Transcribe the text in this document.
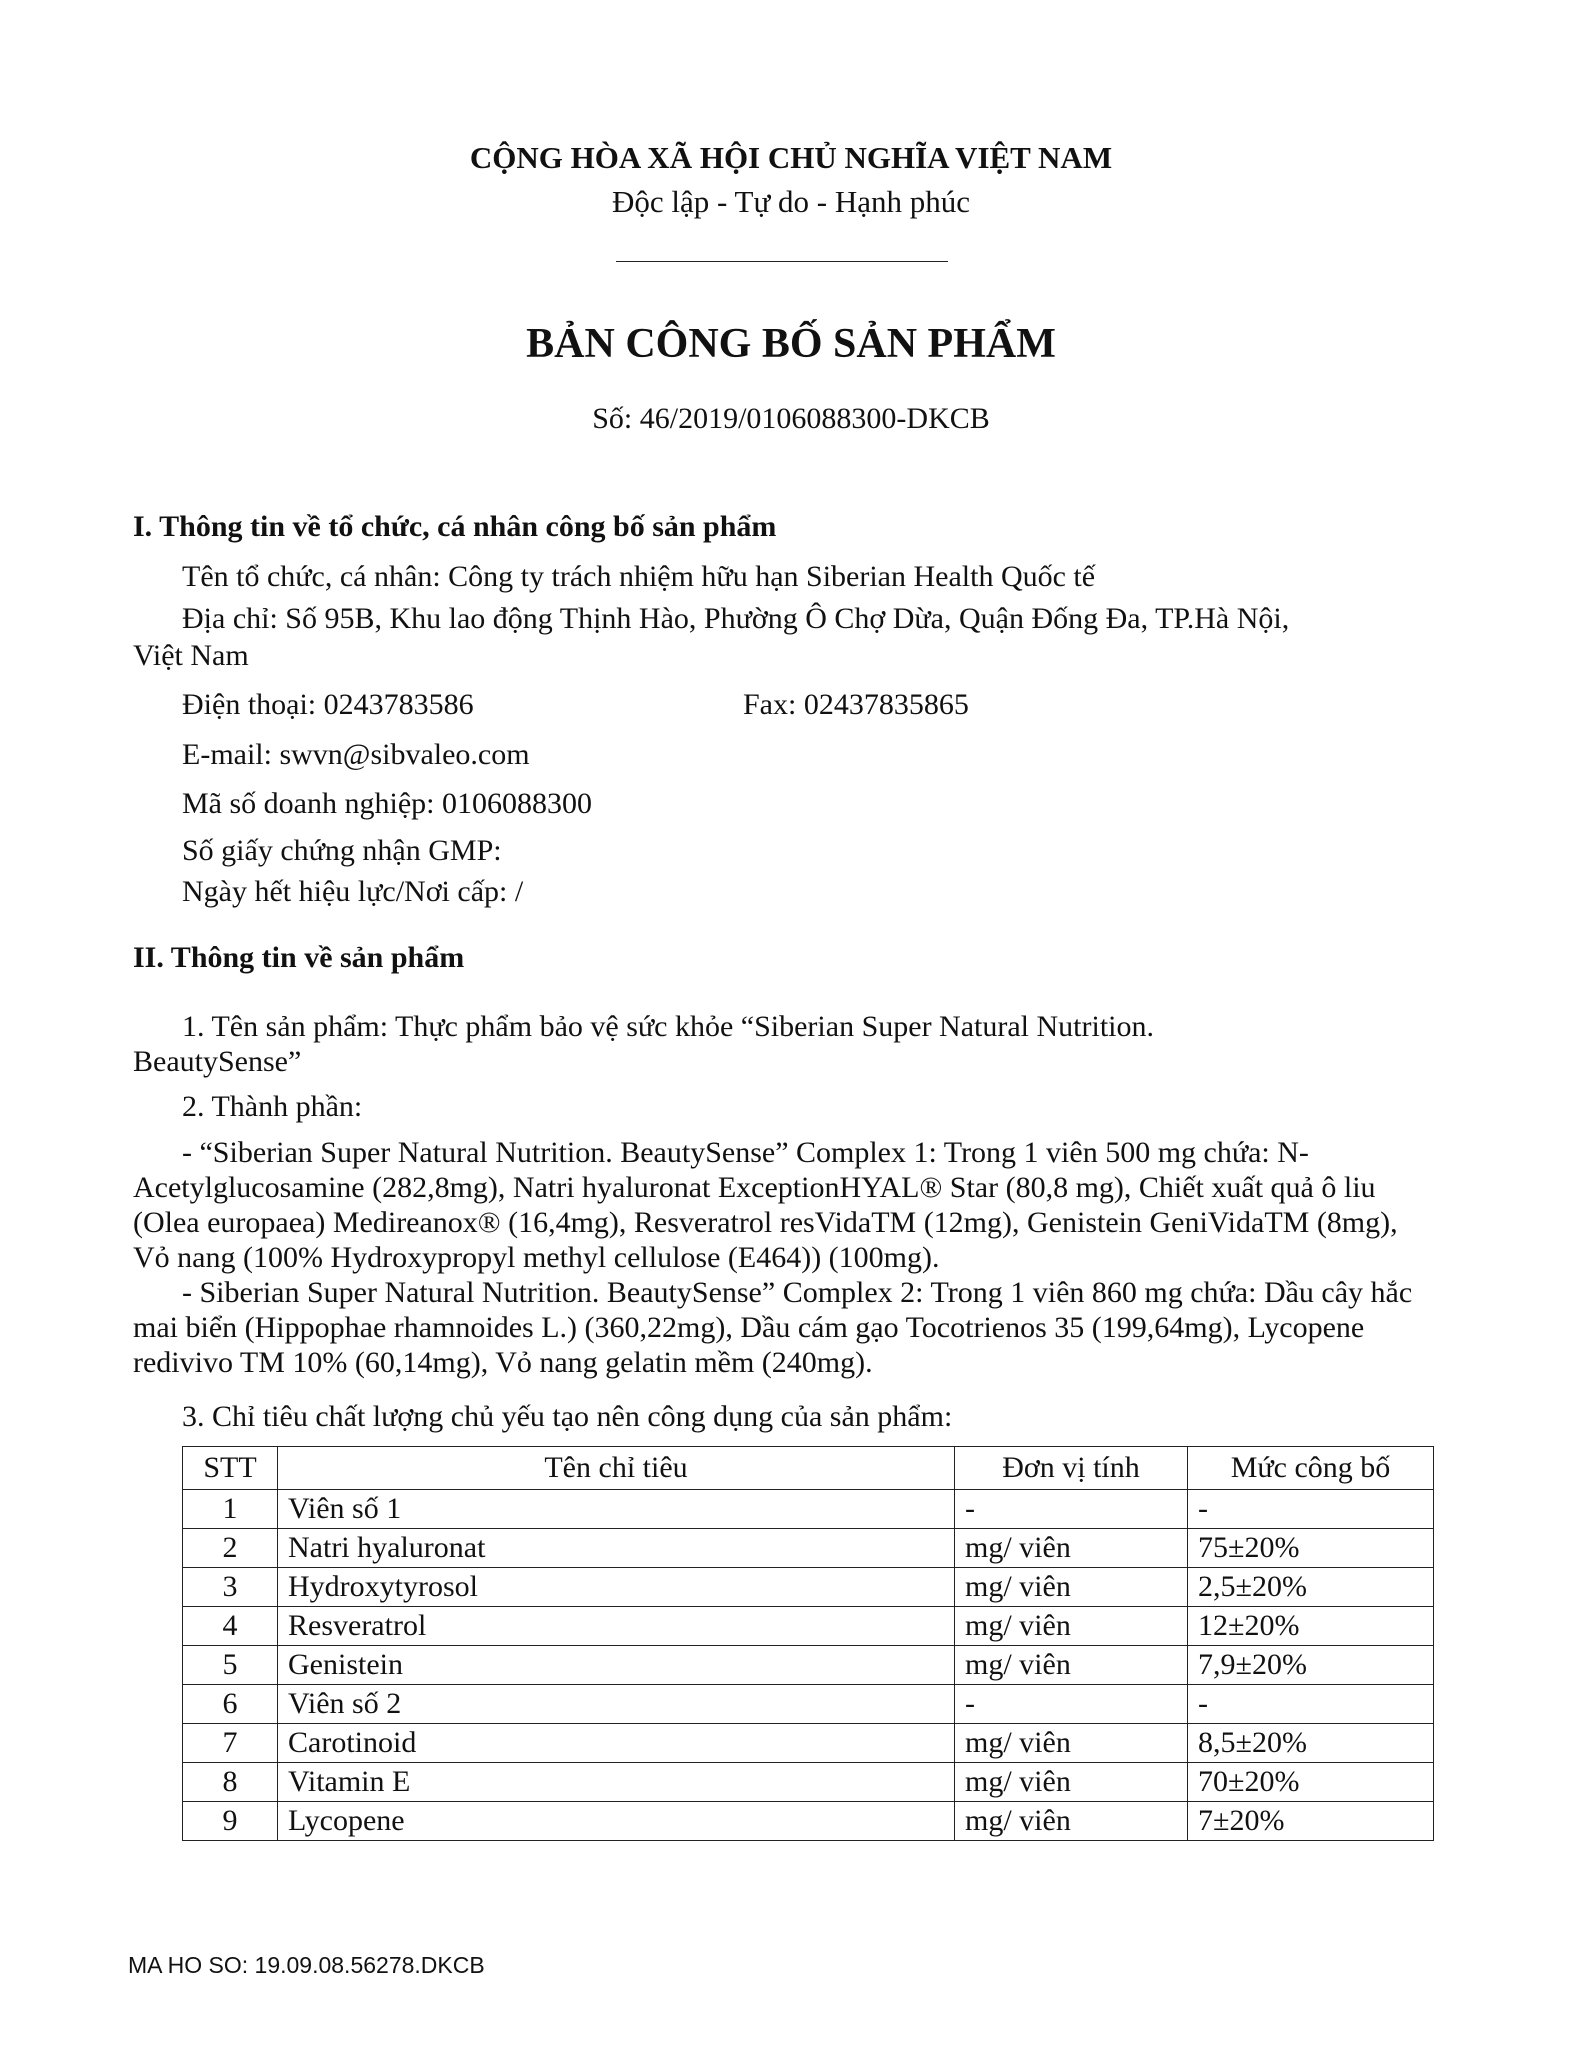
CỘNG HÒA XÃ HỘI CHỦ NGHĨA VIỆT NAM
Độc lập - Tự do - Hạnh phúc
BẢN CÔNG BỐ SẢN PHẨM
Số: 46/2019/0106088300-DKCB
I. Thông tin về tổ chức, cá nhân công bố sản phẩm
Tên tổ chức, cá nhân: Công ty trách nhiệm hữu hạn Siberian Health Quốc tế
Địa chỉ: Số 95B, Khu lao động Thịnh Hào, Phường Ô Chợ Dừa, Quận Đống Đa, TP.Hà Nội,
Việt Nam
Điện thoại: 0243783586	Fax: 02437835865
E-mail: swvn@sibvaleo.com
Mã số doanh nghiệp: 0106088300
Số giấy chứng nhận GMP:
Ngày hết hiệu lực/Nơi cấp: /
II. Thông tin về sản phẩm
1. Tên sản phẩm: Thực phẩm bảo vệ sức khỏe “Siberian Super Natural Nutrition.
BeautySense”
2. Thành phần:
- “Siberian Super Natural Nutrition. BeautySense” Complex 1: Trong 1 viên 500 mg chứa: N-Acetylglucosamine (282,8mg), Natri hyaluronat ExceptionHYAL® Star (80,8 mg), Chiết xuất quả ô liu (Olea europaea) Medireanox® (16,4mg), Resveratrol resVidaTM (12mg), Genistein GeniVidaTM (8mg), Vỏ nang (100% Hydroxypropyl methyl cellulose (E464)) (100mg).
- Siberian Super Natural Nutrition. BeautySense” Complex 2: Trong 1 viên 860 mg chứa: Dầu cây hắc mai biển (Hippophae rhamnoides L.) (360,22mg), Dầu cám gạo Tocotrienos 35 (199,64mg), Lycopene redivivo TM 10% (60,14mg), Vỏ nang gelatin mềm (240mg).
3. Chỉ tiêu chất lượng chủ yếu tạo nên công dụng của sản phẩm:
STT	Tên chỉ tiêu	Đơn vị tính	Mức công bố
1	Viên số 1	-	-
2	Natri hyaluronat	mg/ viên	75±20%
3	Hydroxytyrosol	mg/ viên	2,5±20%
4	Resveratrol	mg/ viên	12±20%
5	Genistein	mg/ viên	7,9±20%
6	Viên số 2	-	-
7	Carotinoid	mg/ viên	8,5±20%
8	Vitamin E	mg/ viên	70±20%
9	Lycopene	mg/ viên	7±20%
MA HO SO: 19.09.08.56278.DKCB
